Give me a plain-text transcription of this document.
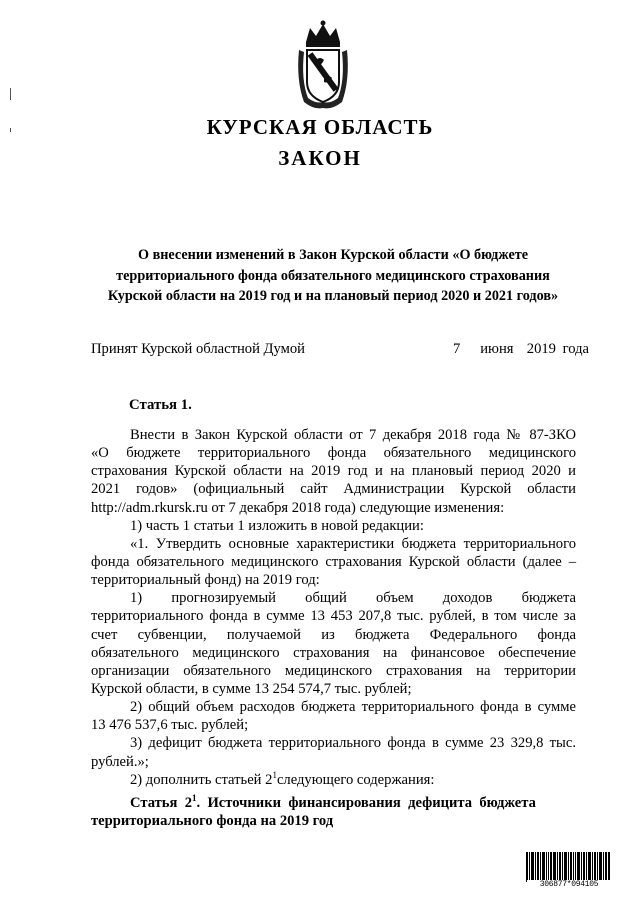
КУРСКАЯ ОБЛАСТЬ
ЗАКОН
О внесении изменений в Закон Курской области «О бюджете
территориального фонда обязательного медицинского страхования
Курской области на 2019 год и на плановый период 2020 и 2021 годов»
Принят Курской областной Думой	7   июня  2019 года
Статья 1.
Внести в Закон Курской области от 7 декабря 2018 года № 87-ЗКО
«О бюджете территориального фонда обязательного медицинского
страхования Курской области на 2019 год и на плановый период 2020 и
2021 годов» (официальный сайт Администрации Курской области
http://adm.rkursk.ru от 7 декабря 2018 года) следующие изменения:
1) часть 1 статьи 1 изложить в новой редакции:
«1. Утвердить основные характеристики бюджета территориального
фонда обязательного медицинского страхования Курской области (далее –
территориальный фонд) на 2019 год:
1) прогнозируемый общий объем доходов бюджета
территориального фонда в сумме 13 453 207,8 тыс. рублей, в том числе за
счет субвенции, получаемой из бюджета Федерального фонда
обязательного медицинского страхования на финансовое обеспечение
организации обязательного медицинского страхования на территории
Курской области, в сумме 13 254 574,7 тыс. рублей;
2) общий объем расходов бюджета территориального фонда в сумме
13 476 537,6 тыс. рублей;
3) дефицит бюджета территориального фонда в сумме 23 329,8 тыс.
рублей.»;
2) дополнить статьей $2^1следующего$ содержания:
Статья  $2^1$.  Источники  финансирования  дефицита  бюджета
территориального фонда на 2019 год
306877*094105
